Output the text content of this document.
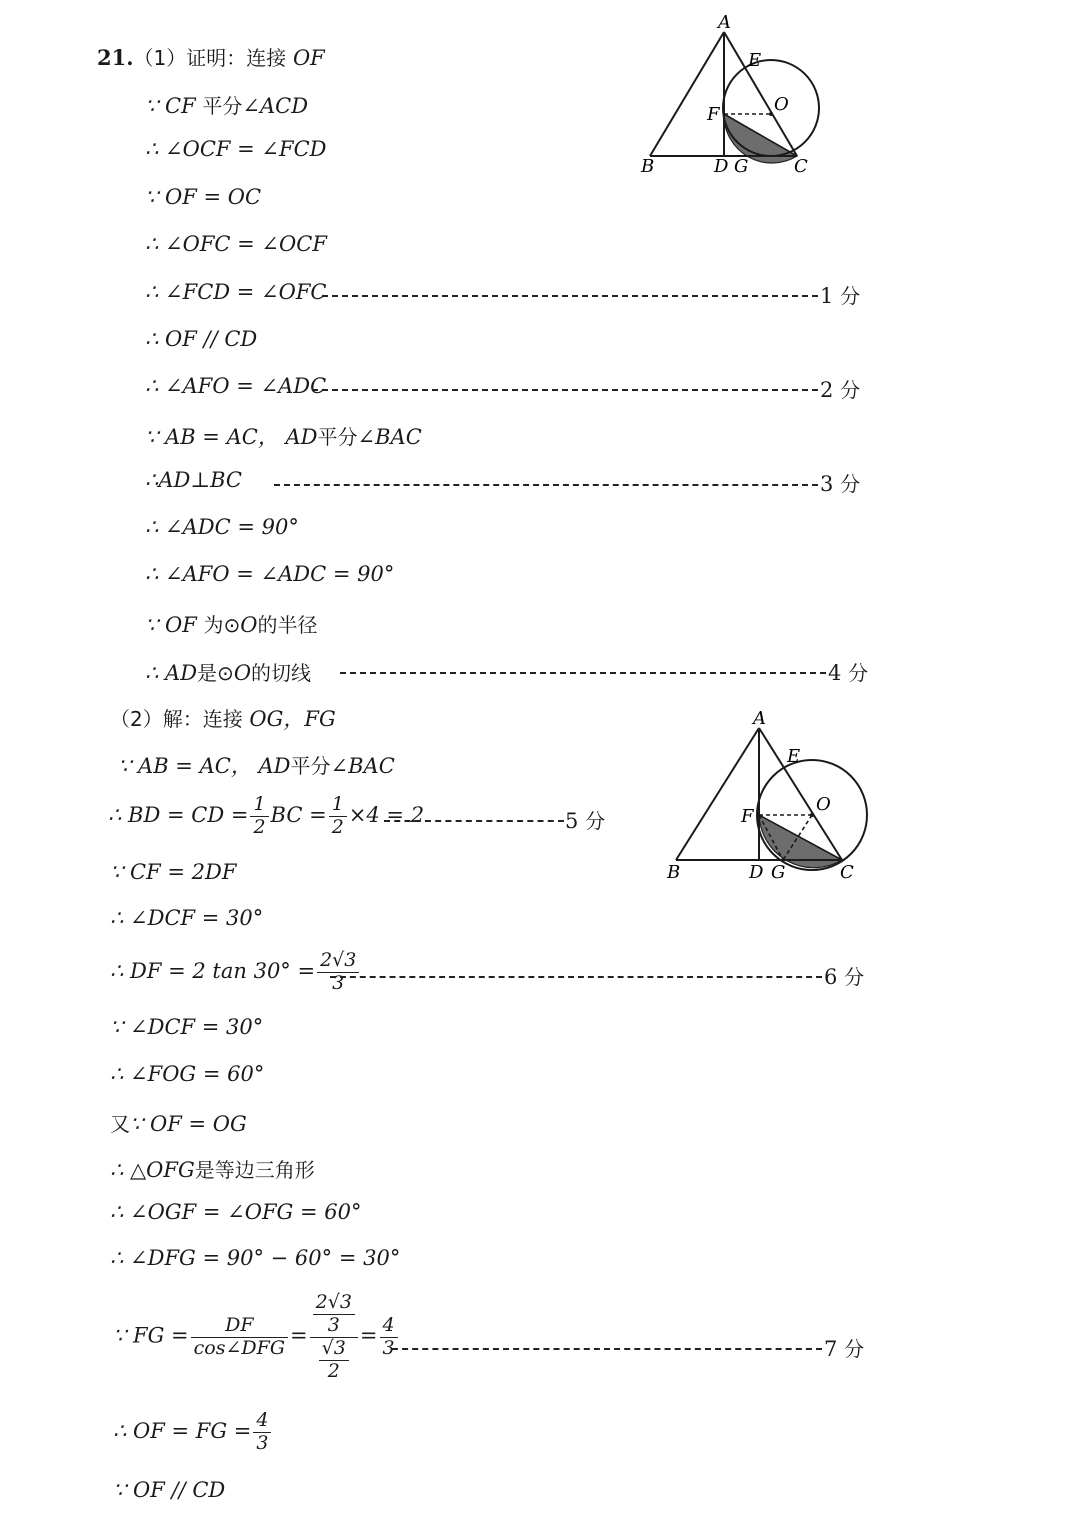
21.（1）证明：连接 OF
∵ CF 平分∠ACD
∴ ∠OCF = ∠FCD
∵ OF = OC
∴ ∠OFC = ∠OCF
∴ ∠FCD = ∠OFC	1 分
∴ OF // CD
∴ ∠AFO = ∠ADC	2 分
∵ AB = AC， AD平分∠BAC
∴AD⊥BC	3 分
∴ ∠ADC = 90°
∴ ∠AFO = ∠ADC = 90°
∵ OF 为⊙O的半径
∴ AD是⊙O的切线	4 分
A
E
O
F
B	D G	C
（2）解：连接 OG，FG
∵ AB = AC， AD平分∠BAC
∴ BD = CD = $\frac{1}{2}$ BC = $\frac{1}{2} \times 4 = 2$	5 分
∵ CF = 2DF
∴ ∠DCF = 30°
∴ DF = 2 $\tan 30^\circ = \frac{2√3}{3}$	6 分
∵ ∠DCF = 30°
∴ ∠FOG = 60°
又∵ OF = OG
∴ △OFG是等边三角形
∴ ∠OGF = ∠OFG = 60°
∴ ∠DFG = 90° − 60° = 30°
∵ FG = $\frac{DF}{\text{cos∠DFG}} = \frac{\frac{2√3}{3}}{\frac{√3}{2}} = \frac{4}{3}$	7 分
∴ OF = FG = $\frac{4}{3}$
∵ OF // CD
A
E
O
F
B	D G	C
